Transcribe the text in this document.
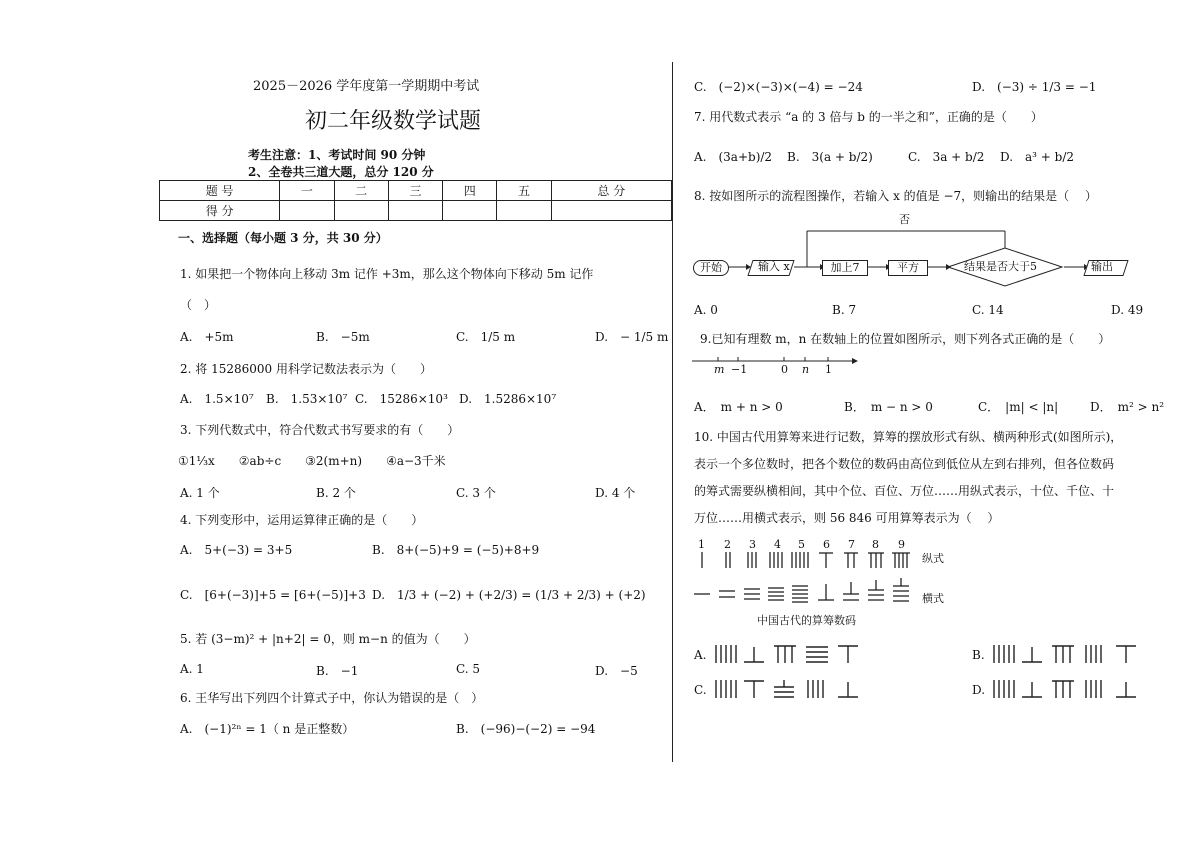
2025－2026 学年度第一学期期中考试
初二年级数学试题
考生注意：1、考试时间 90 分钟
2、全卷共三道大题，总分 120 分
题 号	一	二	三	四	五	总 分
得 分						
一、选择题（每小题 3 分，共 30 分）
1. 如果把一个物体向上移动 3m 记作 +3m，那么这个物体向下移动 5m 记作
（　）
A.　+5m	B.　−5m	C.　1/5 m	D.　− 1/5 m
2. 将 15286000 用科学记数法表示为（　　）
A.　1.5×10⁷ B.　1.53×10⁷ C.　15286×10³ D.　1.5286×10⁷
3. 下列代数式中，符合代数式书写要求的有（　　）
①1⅓x　　②ab÷c　　③2(m+n)　　④a−3千米
A. 1 个	B. 2 个	C. 3 个	D. 4 个
4. 下列变形中，运用运算律正确的是（　　）
A.　5+(−3) = 3+5	B.　8+(−5)+9 = (−5)+8+9
C.　[6+(−3)]+5 = [6+(−5)]+3 D.　1/3 + (−2) + (+2/3) = (1/3 + 2/3) + (+2)
5. 若 (3−m)² + |n+2| = 0，则 m−n 的值为（　　）
A. 1	B.　−1	C. 5	D.　−5
6. 王华写出下列四个计算式子中，你认为错误的是（　）
A.　(−1)²ⁿ = 1（ n 是正整数）	B.　(−96)−(−2) = −94
C.　(−2)×(−3)×(−4) = −24	D.　(−3) ÷ 1/3 = −1
7. 用代数式表示 “a 的 3 倍与 b 的一半之和”，正确的是（　　）
A.　(3a+b)/2 B.　3(a + b/2)	C.　3a + b/2 D.　a³ + b/2
8. 按如图所示的流程图操作，若输入 x 的值是 −7，则输出的结果是（　 ）
开始	输入 x	加上7	平方	结果是否大于5	输出
否
A. 0	B. 7	C. 14	D. 49
9.已知有理数 m，n 在数轴上的位置如图所示，则下列各式正确的是（　　）
m −1	0 n 1
A．　m + n > 0	B．　m − n > 0	C．　|m| < |n|	D．　m² > n²
10. 中国古代用算筹来进行记数，算筹的摆放形式有纵、横两种形式(如图所示)，
表示一个多位数时，把各个数位的数码由高位到低位从左到右排列，但各位数码
的筹式需要纵横相间，其中个位、百位、万位……用纵式表示，十位、千位、十
万位……用横式表示，则 56 846 可用算筹表示为（　 ）
1 2 3 4 5 6 7 8 9
纵式
横式
中国古代的算筹数码
A.	B.
C.	D.
